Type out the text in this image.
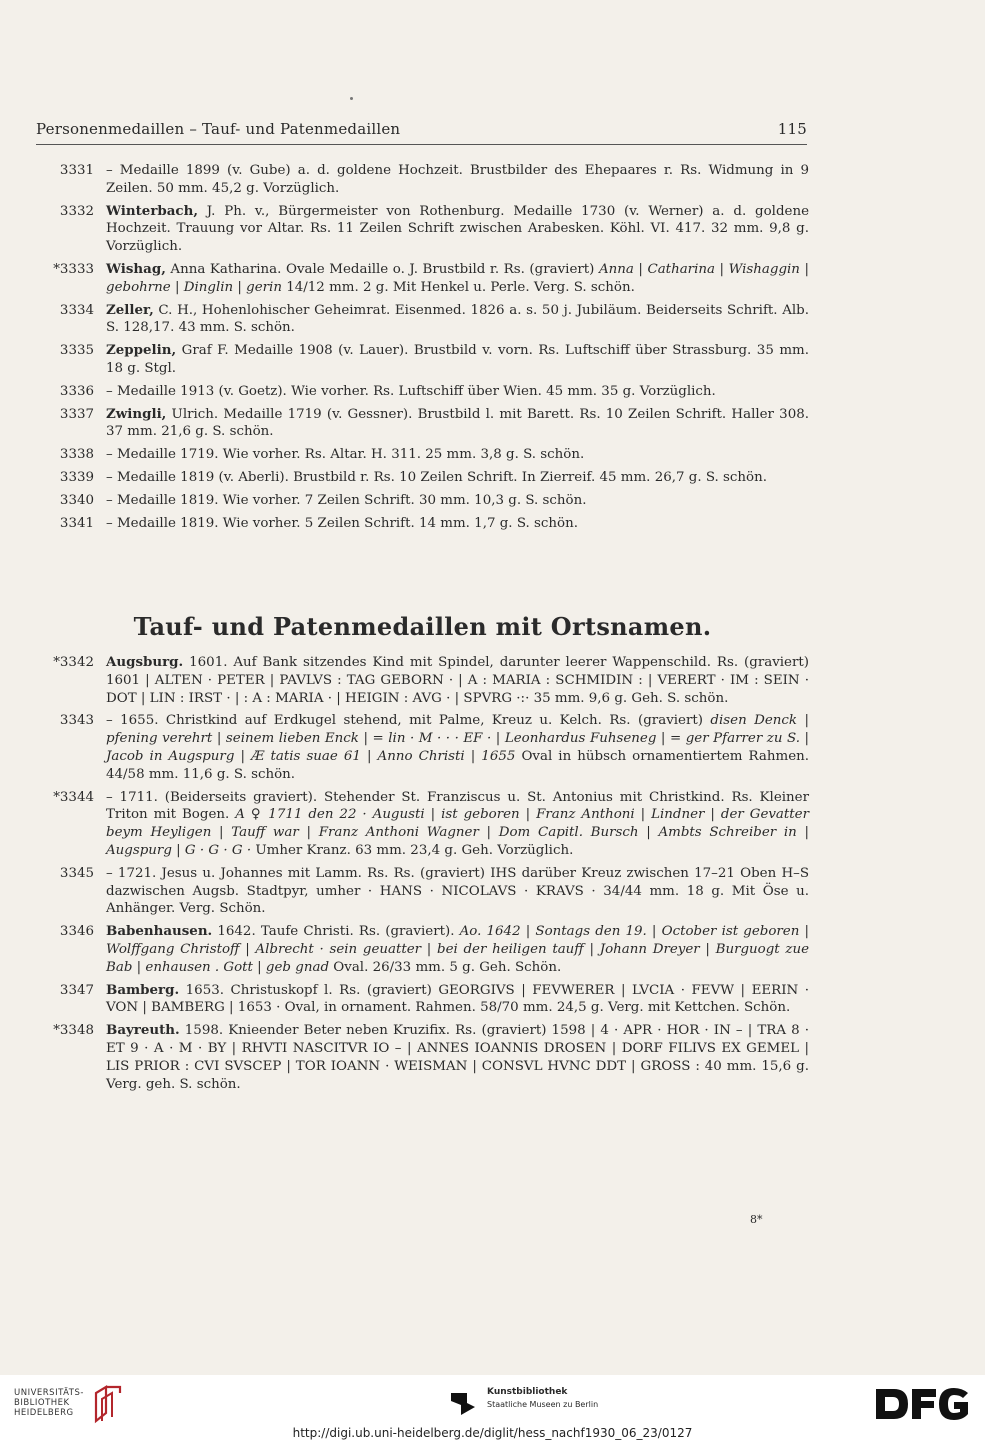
Personenmedaillen – Tauf- und Patenmedaillen	115
3331 – Medaille 1899 (v. Gube) a. d. goldene Hochzeit. Brustbilder des Ehepaares r. Rs. Widmung in 9 Zeilen. 50 mm. 45,2 g. Vorzüglich.
3332 Winterbach, J. Ph. v., Bürgermeister von Rothenburg. Medaille 1730 (v. Werner) a. d. goldene Hochzeit. Trauung vor Altar. Rs. 11 Zeilen Schrift zwischen Arabesken. Köhl. VI. 417. 32 mm. 9,8 g. Vorzüglich.
*3333 Wishag, Anna Katharina. Ovale Medaille o. J. Brustbild r. Rs. (graviert) Anna | Catharina | Wishaggin | gebohrne | Dinglin | gerin 14/12 mm. 2 g. Mit Henkel u. Perle. Verg. S. schön.
3334 Zeller, C. H., Hohenlohischer Geheimrat. Eisenmed. 1826 a. s. 50 j. Jubiläum. Beiderseits Schrift. Alb. S. 128,17. 43 mm. S. schön.
3335 Zeppelin, Graf F. Medaille 1908 (v. Lauer). Brustbild v. vorn. Rs. Luftschiff über Strassburg. 35 mm. 18 g. Stgl.
3336 – Medaille 1913 (v. Goetz). Wie vorher. Rs. Luftschiff über Wien. 45 mm. 35 g. Vorzüglich.
3337 Zwingli, Ulrich. Medaille 1719 (v. Gessner). Brustbild l. mit Barett. Rs. 10 Zeilen Schrift. Haller 308. 37 mm. 21,6 g. S. schön.
3338 – Medaille 1719. Wie vorher. Rs. Altar. H. 311. 25 mm. 3,8 g. S. schön.
3339 – Medaille 1819 (v. Aberli). Brustbild r. Rs. 10 Zeilen Schrift. In Zierreif. 45 mm. 26,7 g. S. schön.
3340 – Medaille 1819. Wie vorher. 7 Zeilen Schrift. 30 mm. 10,3 g. S. schön.
3341 – Medaille 1819. Wie vorher. 5 Zeilen Schrift. 14 mm. 1,7 g. S. schön.
Tauf- und Patenmedaillen mit Ortsnamen.
*3342 Augsburg. 1601. Auf Bank sitzendes Kind mit Spindel, darunter leerer Wappenschild. Rs. (graviert) 1601 | ALTEN · PETER | PAVLVS : TAG GEBORN · | A : MARIA : SCHMIDIN : | VERERT · IM : SEIN · DOT | LIN : IRST · | : A : MARIA · | HEIGIN : AVG · | SPVRG ·:· 35 mm. 9,6 g. Geh. S. schön.
3343 – 1655. Christkind auf Erdkugel stehend, mit Palme, Kreuz u. Kelch. Rs. (graviert) disen Denck | pfening verehrt | seinem lieben Enck | = lin · M · · · EF · | Leonhardus Fuhseneg | = ger Pfarrer zu S. | Jacob in Augspurg | Æ tatis suae 61 | Anno Christi | 1655 Oval in hübsch ornamentiertem Rahmen. 44/58 mm. 11,6 g. S. schön.
*3344 – 1711. (Beiderseits graviert). Stehender St. Franziscus u. St. Antonius mit Christkind. Rs. Kleiner Triton mit Bogen. A ♀ 1711 den 22 · Augusti | ist geboren | Franz Anthoni | Lindner | der Gevatter beym Heyligen | Tauff war | Franz Anthoni Wagner | Dom Capitl. Bursch | Ambts Schreiber in | Augspurg | G · G · G · Umher Kranz. 63 mm. 23,4 g. Geh. Vorzüglich.
3345 – 1721. Jesus u. Johannes mit Lamm. Rs. Rs. (graviert) IHS darüber Kreuz zwischen 17–21 Oben H–S dazwischen Augsb. Stadtpyr, umher · HANS · NICOLAVS · KRAVS · 34/44 mm. 18 g. Mit Öse u. Anhänger. Verg. Schön.
3346 Babenhausen. 1642. Taufe Christi. Rs. (graviert). Ao. 1642 | Sontags den 19. | October ist geboren | Wolffgang Christoff | Albrecht · sein geuatter | bei der heiligen tauff | Johann Dreyer | Burguogt zue Bab | enhausen . Gott | geb gnad Oval. 26/33 mm. 5 g. Geh. Schön.
3347 Bamberg. 1653. Christuskopf l. Rs. (graviert) GEORGIVS | FEVWERER | LVCIA · FEVW | EERIN · VON | BAMBERG | 1653 · Oval, in ornament. Rahmen. 58/70 mm. 24,5 g. Verg. mit Kettchen. Schön.
*3348 Bayreuth. 1598. Knieender Beter neben Kruzifix. Rs. (graviert) 1598 | 4 · APR · HOR · IN – | TRA 8 · ET 9 · A · M · BY | RHVTI NASCITVR IO – | ANNES IOANNIS DROSEN | DORF FILIVS EX GEMEL | LIS PRIOR : CVI SVSCEP | TOR IOANN · WEISMAN | CONSVL HVNC DDT | GROSS : 40 mm. 15,6 g. Verg. geh. S. schön.
8*
UNIVERSITÄTS-
BIBLIOTHEK
HEIDELBERG
Kunstbibliothek
Staatliche Museen zu Berlin
http://digi.ub.uni-heidelberg.de/diglit/hess_nachf1930_06_23/0127
